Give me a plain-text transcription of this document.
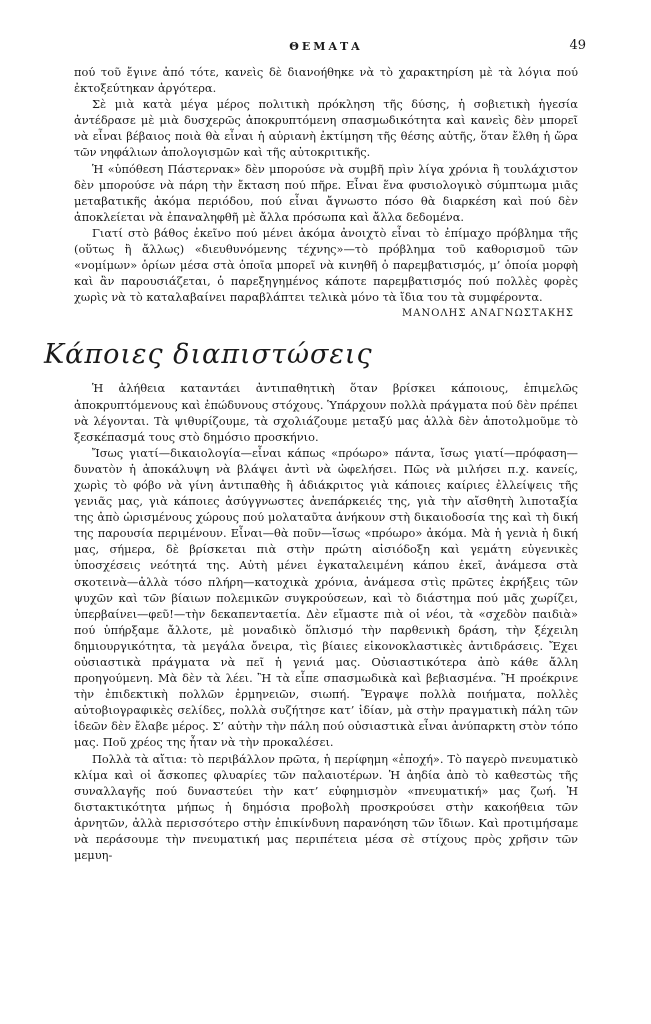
ΘΕΜΑΤΑ	49

πού τοῦ ἔγινε ἀπό τότε, κανεὶς δὲ διανοήθηκε νὰ τὸ χαρακτηρίση μὲ τὰ λόγια πού ἐκτοξεύτηκαν ἀργότερα.

Σὲ μιὰ κατὰ μέγα μέρος πολιτικὴ πρόκληση τῆς δύσης, ἡ σοβιετικὴ ἡγεσία ἀντέδρασε μὲ μιὰ δυσχερῶς ἀποκρυπτόμενη σπασμωδικότητα καὶ κανεὶς δὲν μπορεῖ νὰ εἶναι βέβαιος ποιὰ θὰ εἶναι ἡ αὐριανὴ ἐκτίμηση τῆς θέσης αὐτῆς, ὅταν ἔλθη ἡ ὥρα τῶν νηφάλιων ἀπολογισμῶν καὶ τῆς αὐτοκριτικῆς.

Ἡ «ὑπόθεση Πάστερνακ» δὲν μπορούσε νὰ συμβῆ πρὶν λίγα χρόνια ἢ τουλάχιστον δὲν μπορούσε νὰ πάρη τὴν ἔκταση πού πῆρε. Εἶναι ἕνα φυσιολογικὸ σύμπτωμα μιᾶς μεταβατικῆς ἀκόμα περιόδου, πού εἶναι ἄγνωστο πόσο θὰ διαρκέση καὶ πού δὲν ἀποκλείεται νὰ ἐπαναληφθῆ μὲ ἄλλα πρόσωπα καὶ ἄλλα δεδομένα.

Γιατί στὸ βάθος ἐκεῖνο πού μένει ἀκόμα ἀνοιχτὸ εἶναι τὸ ἐπίμαχο πρόβλημα τῆς (οὕτως ἢ ἄλλως) «διευθυνόμενης τέχνης»—τὸ πρόβλημα τοῦ καθορισμοῦ τῶν «νομίμων» ὁρίων μέσα στὰ ὁποῖα μπορεῖ νὰ κινηθῆ ὁ παρεμβατισμός, μ’ ὁποία μορφὴ καὶ ἂν παρουσιάζεται, ὁ παρεξηγημένος κάποτε παρεμβατισμός πού πολλὲς φορὲς χωρὶς νὰ τὸ καταλαβαίνει παραβλάπτει τελικὰ μόνο τὰ ἴδια του τὰ συμφέροντα.

ΜΑΝΟΛΗΣ ΑΝΑΓΝΩΣΤΑΚΗΣ
Κάποιες διαπιστώσεις

Ἡ ἀλήθεια καταντάει ἀντιπαθητικὴ ὅταν βρίσκει κάποιους, ἐπιμελῶς ἀποκρυπτόμενους καὶ ἐπώδυνους στόχους. Ὑπάρχουν πολλὰ πράγματα πού δὲν πρέπει νὰ λέγονται. Τὰ ψιθυρίζουμε, τὰ σχολιάζουμε μεταξύ μας ἀλλὰ δὲν ἀποτολμοῦμε τὸ ξεσκέπασμά τους στὸ δημόσιο προσκήνιο.

Ἴσως γιατί—δικαιολογία—εἶναι κάπως «πρόωρο» πάντα, ἴσως γιατί—πρόφαση—δυνατὸν ἡ ἀποκάλυψη νὰ βλάψει ἀντὶ νὰ ὠφελήσει. Πῶς νὰ μιλήσει π.χ. κανείς, χωρὶς τὸ φόβο νὰ γίνη ἀντιπαθὴς ἢ ἀδιάκριτος γιὰ κάποιες καίριες ἐλλείψεις τῆς γενιᾶς μας, γιὰ κάποιες ἀσύγγνωστες ἀνεπάρκειές της, γιὰ τὴν αἴσθητὴ λιποταξία της ἀπὸ ὡρισμένους χώρους πού μολαταῦτα ἀνήκουν στὴ δικαιοδοσία της καὶ τὴ δική της παρουσία περιμένουν. Εἶναι—θὰ ποῦν—ἴσως «πρόωρο» ἀκόμα. Μὰ ἡ γενιὰ ἡ δική μας, σήμερα, δὲ βρίσκεται πιὰ στὴν πρώτη αἰσιόδοξη καὶ γεμάτη εὐγενικὲς ὑποσχέσεις νεότητά της. Αὐτὴ μένει ἐγκαταλειμένη κάπου ἐκεῖ, ἀνάμεσα στὰ σκοτεινὰ—ἀλλὰ τόσο πλήρη—κατοχικὰ χρόνια, ἀνάμεσα στὶς πρῶτες ἐκρήξεις τῶν ψυχῶν καὶ τῶν βίαιων πολεμικῶν συγκρούσεων, καὶ τὸ διάστημα πού μᾶς χωρίζει, ὑπερβαίνει—φεῦ!—τὴν δεκαπενταετία. Δὲν εἴμαστε πιὰ οἱ νέοι, τὰ «σχεδὸν παιδιὰ» πού ὑπήρξαμε ἄλλοτε, μὲ μοναδικὸ ὅπλισμό τὴν παρθενικὴ δράση, τὴν ξέχειλη δημιουργικότητα, τὰ μεγάλα ὄνειρα, τὶς βίαιες εἰκονοκλαστικὲς ἀντιδράσεις. Ἔχει οὐσιαστικὰ πράγματα νὰ πεῖ ἡ γενιά μας. Οὐσιαστικότερα ἀπὸ κάθε ἄλλη προηγούμενη. Μὰ δὲν τὰ λέει. Ἢ τὰ εἶπε σπασμωδικὰ καὶ βεβιασμένα. Ἢ προέκρινε τὴν ἐπιδεκτικὴ πολλῶν ἑρμηνειῶν, σιωπή. Ἔγραψε πολλὰ ποιήματα, πολλὲς αὐτοβιογραφικὲς σελίδες, πολλὰ συζήτησε κατ’ ἰδίαν, μὰ στὴν πραγματικὴ πάλη τῶν ἰδεῶν δὲν ἔλαβε μέρος. Σ’ αὐτὴν τὴν πάλη πού οὐσιαστικὰ εἶναι ἀνύπαρκτη στὸν τόπο μας. Ποῦ χρέος της ἦταν νὰ τὴν προκαλέσει.

Πολλὰ τὰ αἴτια: τὸ περιβάλλον πρῶτα, ἡ περίφημη «ἐποχή». Τὸ παγερὸ πνευματικὸ κλίμα καὶ οἱ ἄσκοπες φλυαρίες τῶν παλαιοτέρων. Ἡ ἀηδία ἀπὸ τὸ καθεστὼς τῆς συναλλαγῆς πού δυναστεύει τὴν κατ’ εὐφημισμὸν «πνευματική» μας ζωή. Ἡ διστακτικότητα μήπως ἡ δημόσια προβολὴ προσκρούσει στὴν κακοήθεια τῶν ἀρνητῶν, ἀλλὰ περισσότερο στὴν ἐπικίνδυνη παρανόηση τῶν ἴδιων. Καὶ προτιμήσαμε νὰ περάσουμε τὴν πνευματική μας περιπέτεια μέσα σὲ στίχους πρὸς χρῆσιν τῶν μεμυη-
